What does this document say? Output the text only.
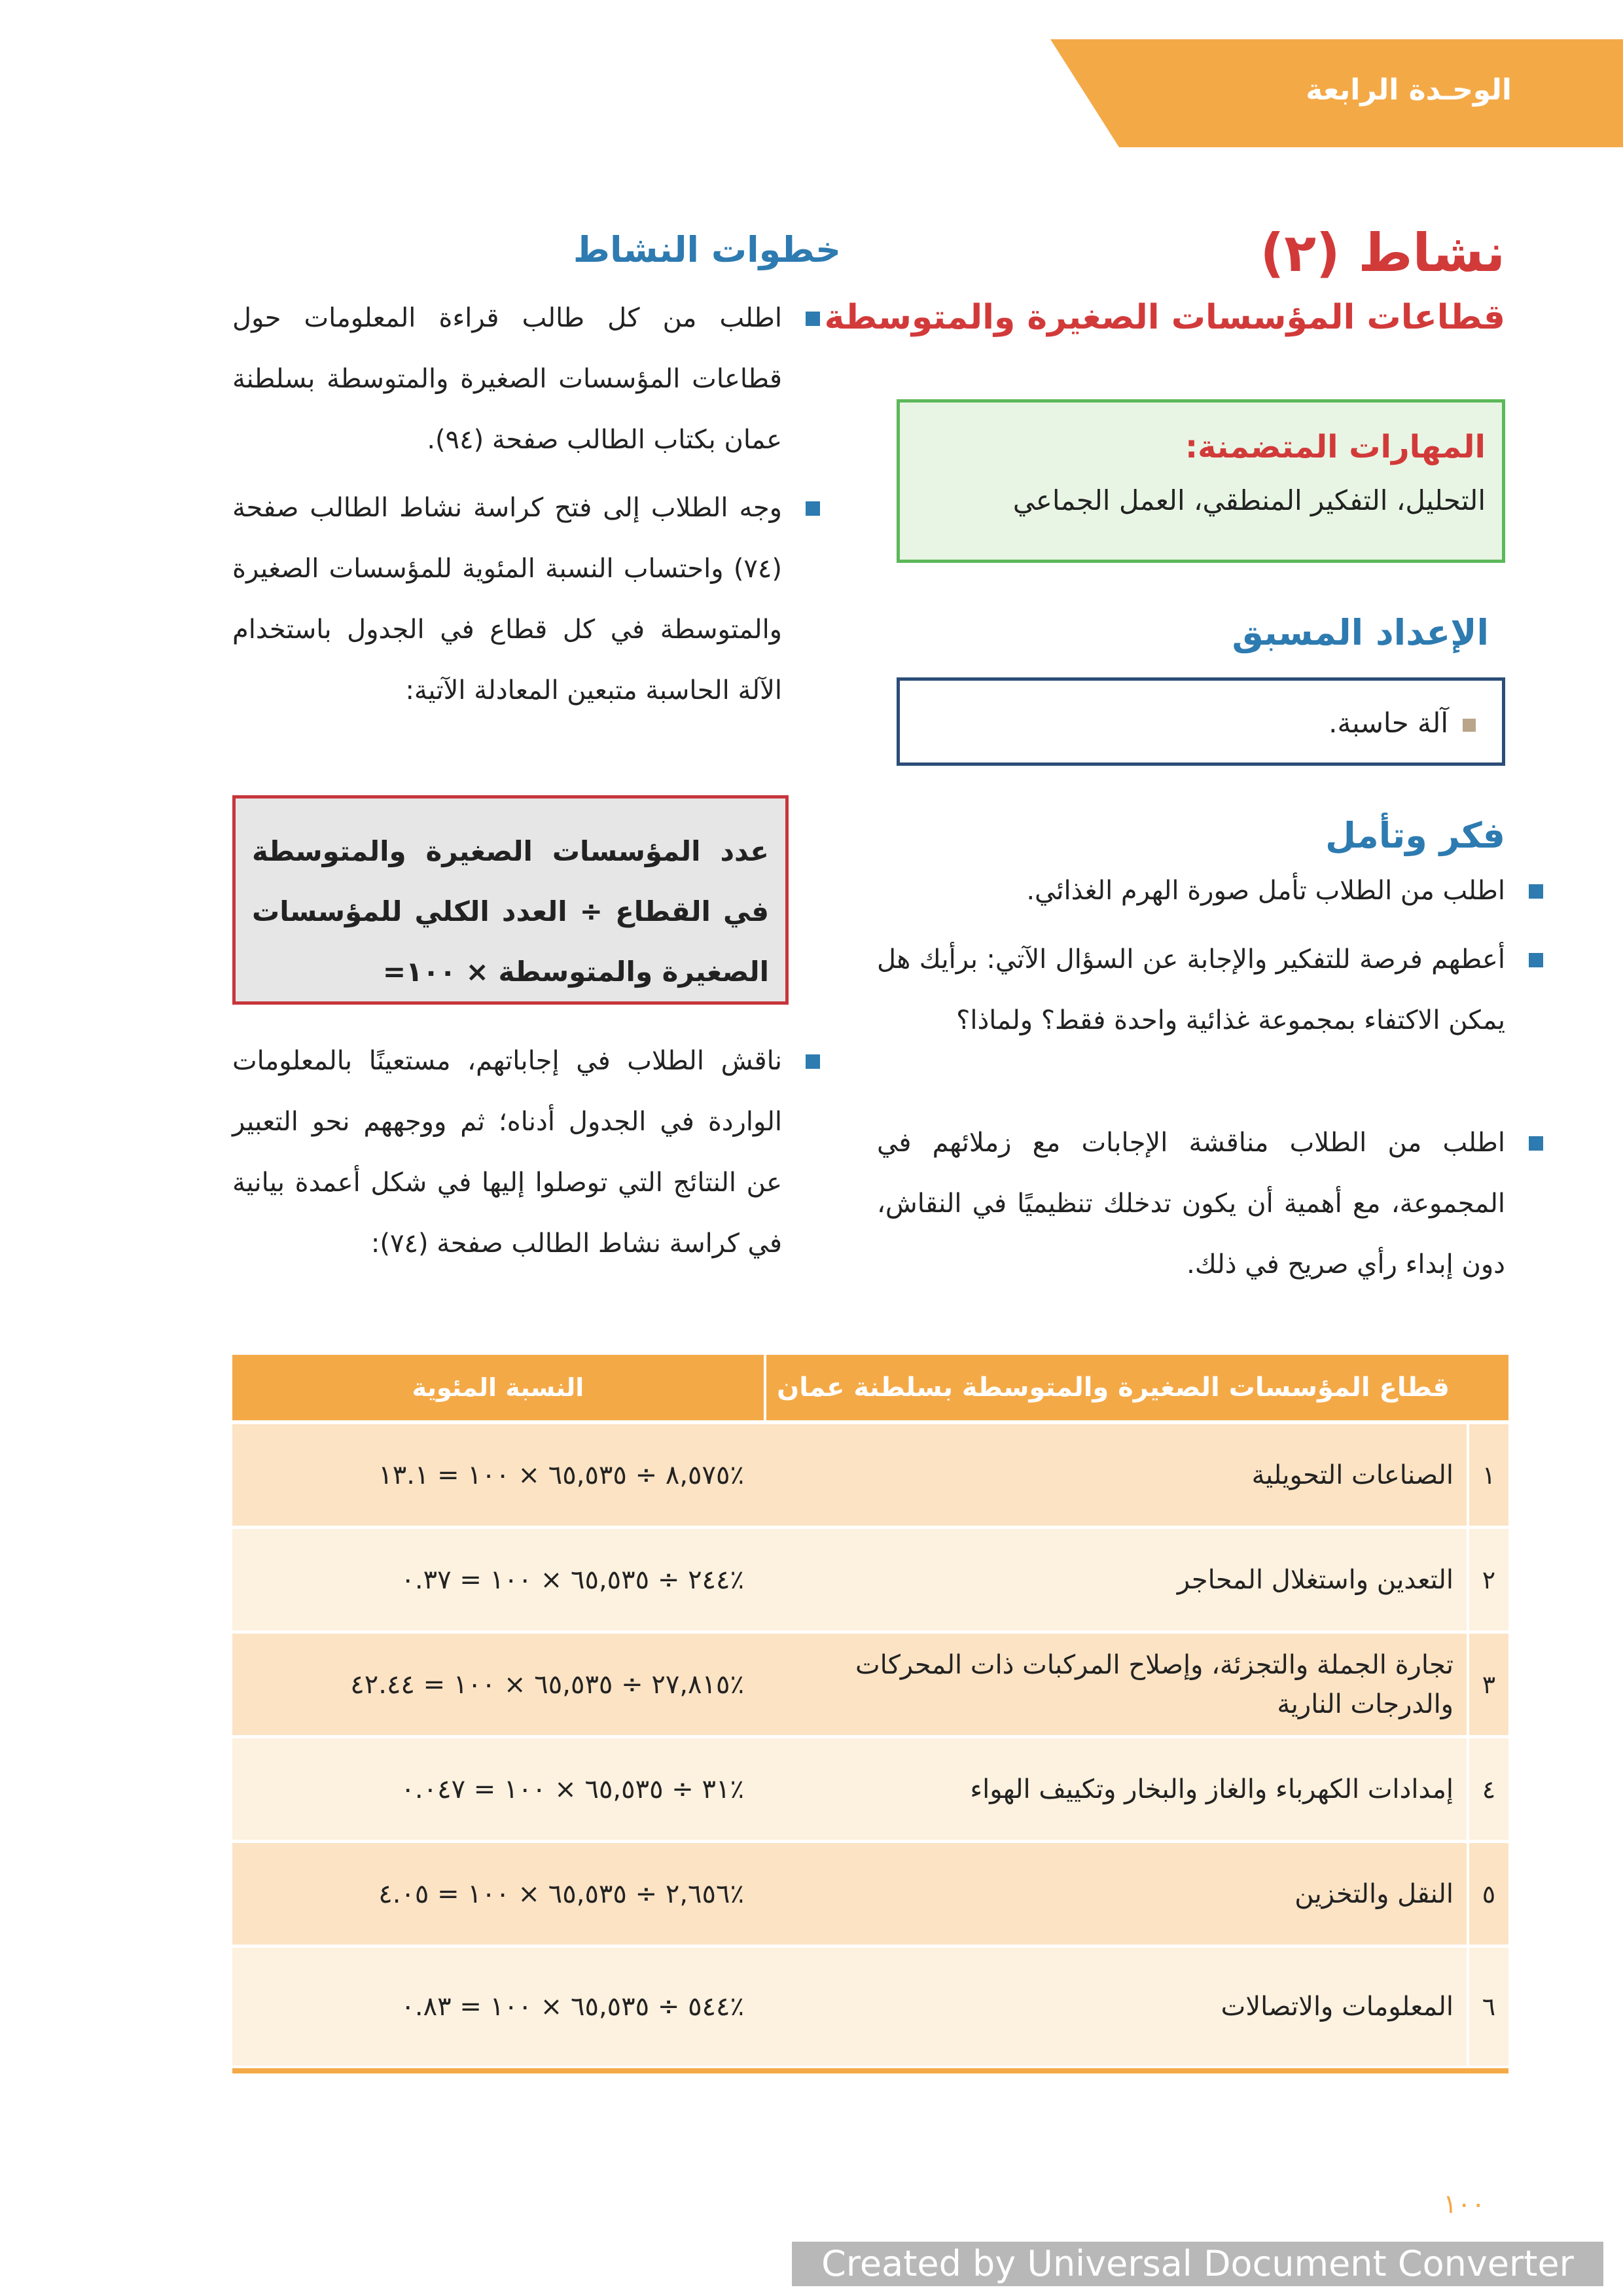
الوحـدة الرابعة
نشاط (٢)
قطاعات المؤسسات الصغيرة والمتوسطة
المهارات المتضمنة:
التحليل، التفكير المنطقي، العمل الجماعي
الإعداد المسبق
آلة حاسبة.
فكر وتأمل
اطلب من الطلاب تأمل صورة الهرم الغذائي.
أعطهم فرصة للتفكير والإجابة عن السؤال الآتي: برأيك هل يمكن الاكتفاء بمجموعة غذائية واحدة فقط؟ ولماذا؟
اطلب من الطلاب مناقشة الإجابات مع زملائهم في المجموعة، مع أهمية أن يكون تدخلك تنظيميًا في النقاش، دون إبداء رأي صريح في ذلك.
خطوات النشاط
اطلب من كل طالب قراءة المعلومات حول قطاعات المؤسسات الصغيرة والمتوسطة بسلطنة عمان بكتاب الطالب صفحة (٩٤).
وجه الطلاب إلى فتح كراسة نشاط الطالب صفحة (٧٤) واحتساب النسبة المئوية للمؤسسات الصغيرة والمتوسطة في كل قطاع في الجدول باستخدام الآلة الحاسبة متبعين المعادلة الآتية:
عدد المؤسسات الصغيرة والمتوسطة في القطاع ÷ العدد الكلي للمؤسسات الصغيرة والمتوسطة × ١٠٠=
ناقش الطلاب في إجاباتهم، مستعينًا بالمعلومات الواردة في الجدول أدناه؛ ثم ووجههم نحو التعبير عن النتائج التي توصلوا إليها في شكل أعمدة بيانية في كراسة نشاط الطالب صفحة (٧٤):
قطاع المؤسسات الصغيرة والمتوسطة بسلطنة عمان
النسبة المئوية
١
الصناعات التحويلية
٨,٥٧٥ ÷ ٦٥,٥٣٥ × ١٠٠ = ١٣.١٪
٢
التعدين واستغلال المحاجر
٢٤٤ ÷ ٦٥,٥٣٥ × ١٠٠ = ٠.٣٧٪
٣
تجارة الجملة والتجزئة، وإصلاح المركبات ذات المحركات والدرجات النارية
٢٧,٨١٥ ÷ ٦٥,٥٣٥ × ١٠٠ = ٤٢.٤٤٪
٤
إمدادات الكهرباء والغاز والبخار وتكييف الهواء
٣١ ÷ ٦٥,٥٣٥ × ١٠٠ = ٠.٠٤٧٪
٥
النقل والتخزين
٢,٦٥٦ ÷ ٦٥,٥٣٥ × ١٠٠ = ٤.٠٥٪
٦
المعلومات والاتصالات
٥٤٤ ÷ ٦٥,٥٣٥ × ١٠٠ = ٠.٨٣٪
١٠٠
Created by Universal Document Converter
